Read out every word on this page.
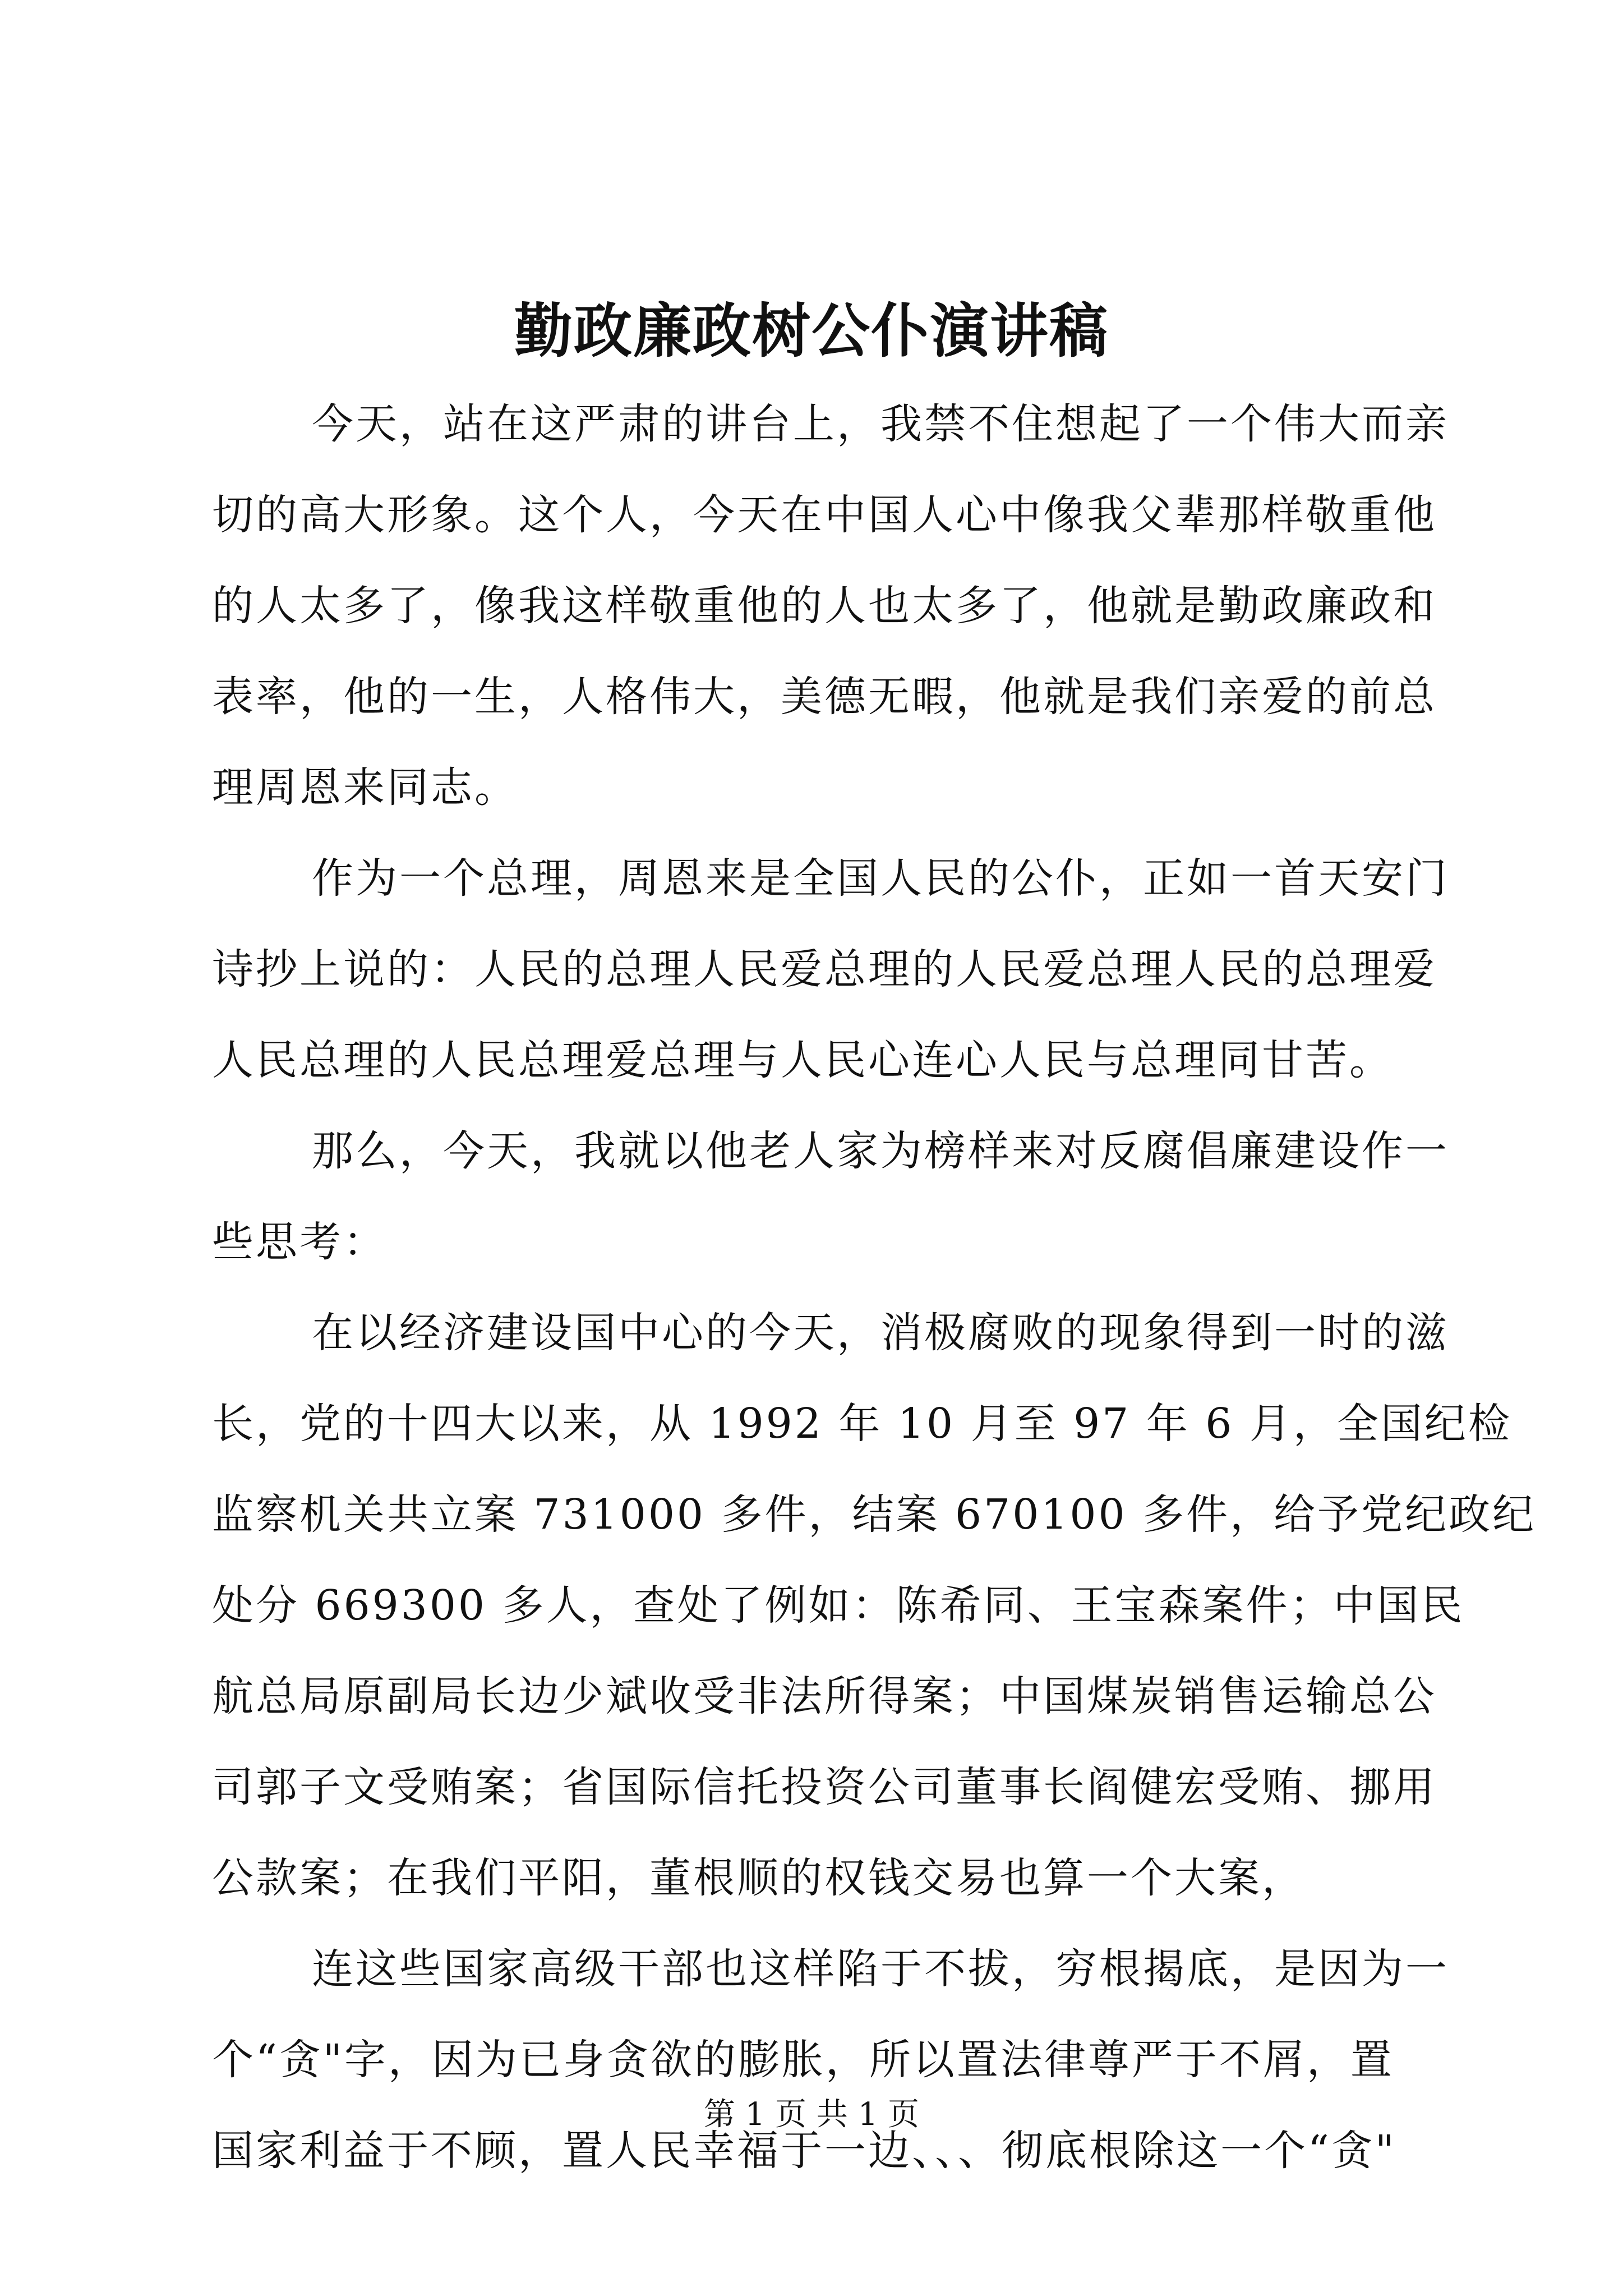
勤政廉政树公仆演讲稿
今天，站在这严肃的讲台上，我禁不住想起了一个伟大而亲
切的高大形象。这个人，今天在中国人心中像我父辈那样敬重他
的人太多了，像我这样敬重他的人也太多了，他就是勤政廉政和
表率，他的一生，人格伟大，美德无暇，他就是我们亲爱的前总
理周恩来同志。
作为一个总理，周恩来是全国人民的公仆，正如一首天安门
诗抄上说的：人民的总理人民爱总理的人民爱总理人民的总理爱
人民总理的人民总理爱总理与人民心连心人民与总理同甘苦。
那么，今天，我就以他老人家为榜样来对反腐倡廉建设作一
些思考：
在以经济建设国中心的今天，消极腐败的现象得到一时的滋
长，党的十四大以来，从 1992 年 10 月至 97 年 6 月，全国纪检
监察机关共立案 731000 多件，结案 670100 多件，给予党纪政纪
处分 669300 多人，查处了例如：陈希同、王宝森案件；中国民
航总局原副局长边少斌收受非法所得案；中国煤炭销售运输总公
司郭子文受贿案；省国际信托投资公司董事长阎健宏受贿、挪用
公款案；在我们平阳，董根顺的权钱交易也算一个大案，
连这些国家高级干部也这样陷于不拔，穷根揭底，是因为一
个“贪"字，因为已身贪欲的膨胀，所以置法律尊严于不屑，置
国家利益于不顾，置人民幸福于一边、、、彻底根除这一个“贪"
第 1 页 共 1 页
